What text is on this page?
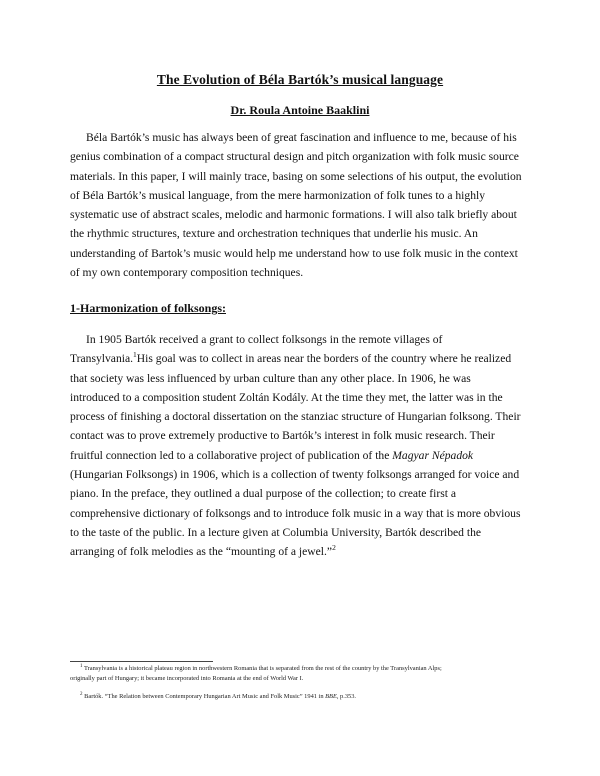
The Evolution of Béla Bartók’s musical language
Dr. Roula Antoine Baaklini

Béla Bartók’s music has always been of great fascination and influence to me, because of his
genius combination of a compact structural design and pitch organization with folk music source
materials. In this paper, I will mainly trace, basing on some selections of his output, the evolution
of Béla Bartók’s musical language, from the mere harmonization of folk tunes to a highly
systematic use of abstract scales, melodic and harmonic formations. I will also talk briefly about
the rhythmic structures, texture and orchestration techniques that underlie his music. An
understanding of Bartok’s music would help me understand how to use folk music in the context
of my own contemporary composition techniques.

1-Harmonization of folksongs:

In 1905 Bartók received a grant to collect folksongs in the remote villages of
Transylvania.$^1$His goal was to collect in areas near the borders of the country where he realized
that society was less influenced by urban culture than any other place. In 1906, he was
introduced to a composition student Zoltán Kodály. At the time they met, the latter was in the
process of finishing a doctoral dissertation on the stanziac structure of Hungarian folksong. Their
contact was to prove extremely productive to Bartók’s interest in folk music research. Their
fruitful connection led to a collaborative project of publication of the Magyar Népadok
(Hungarian Folksongs) in 1906, which is a collection of twenty folksongs arranged for voice and
piano. In the preface, they outlined a dual purpose of the collection; to create first a
comprehensive dictionary of folksongs and to introduce folk music in a way that is more obvious
to the taste of the public. In a lecture given at Columbia University, Bartók described the
arranging of folk melodies as the “mounting of a jewel.”$^2$

$^1$ Transylvania is a historical plateau region in northwestern Romania that is separated from the rest of the country by the Transylvanian Alps;
originally part of Hungary; it became incorporated into Romania at the end of World War I.
$^2$ Bartók. “The Relation between Contemporary Hungarian Art Music and Folk Music” 1941 in BBE, p.353.
